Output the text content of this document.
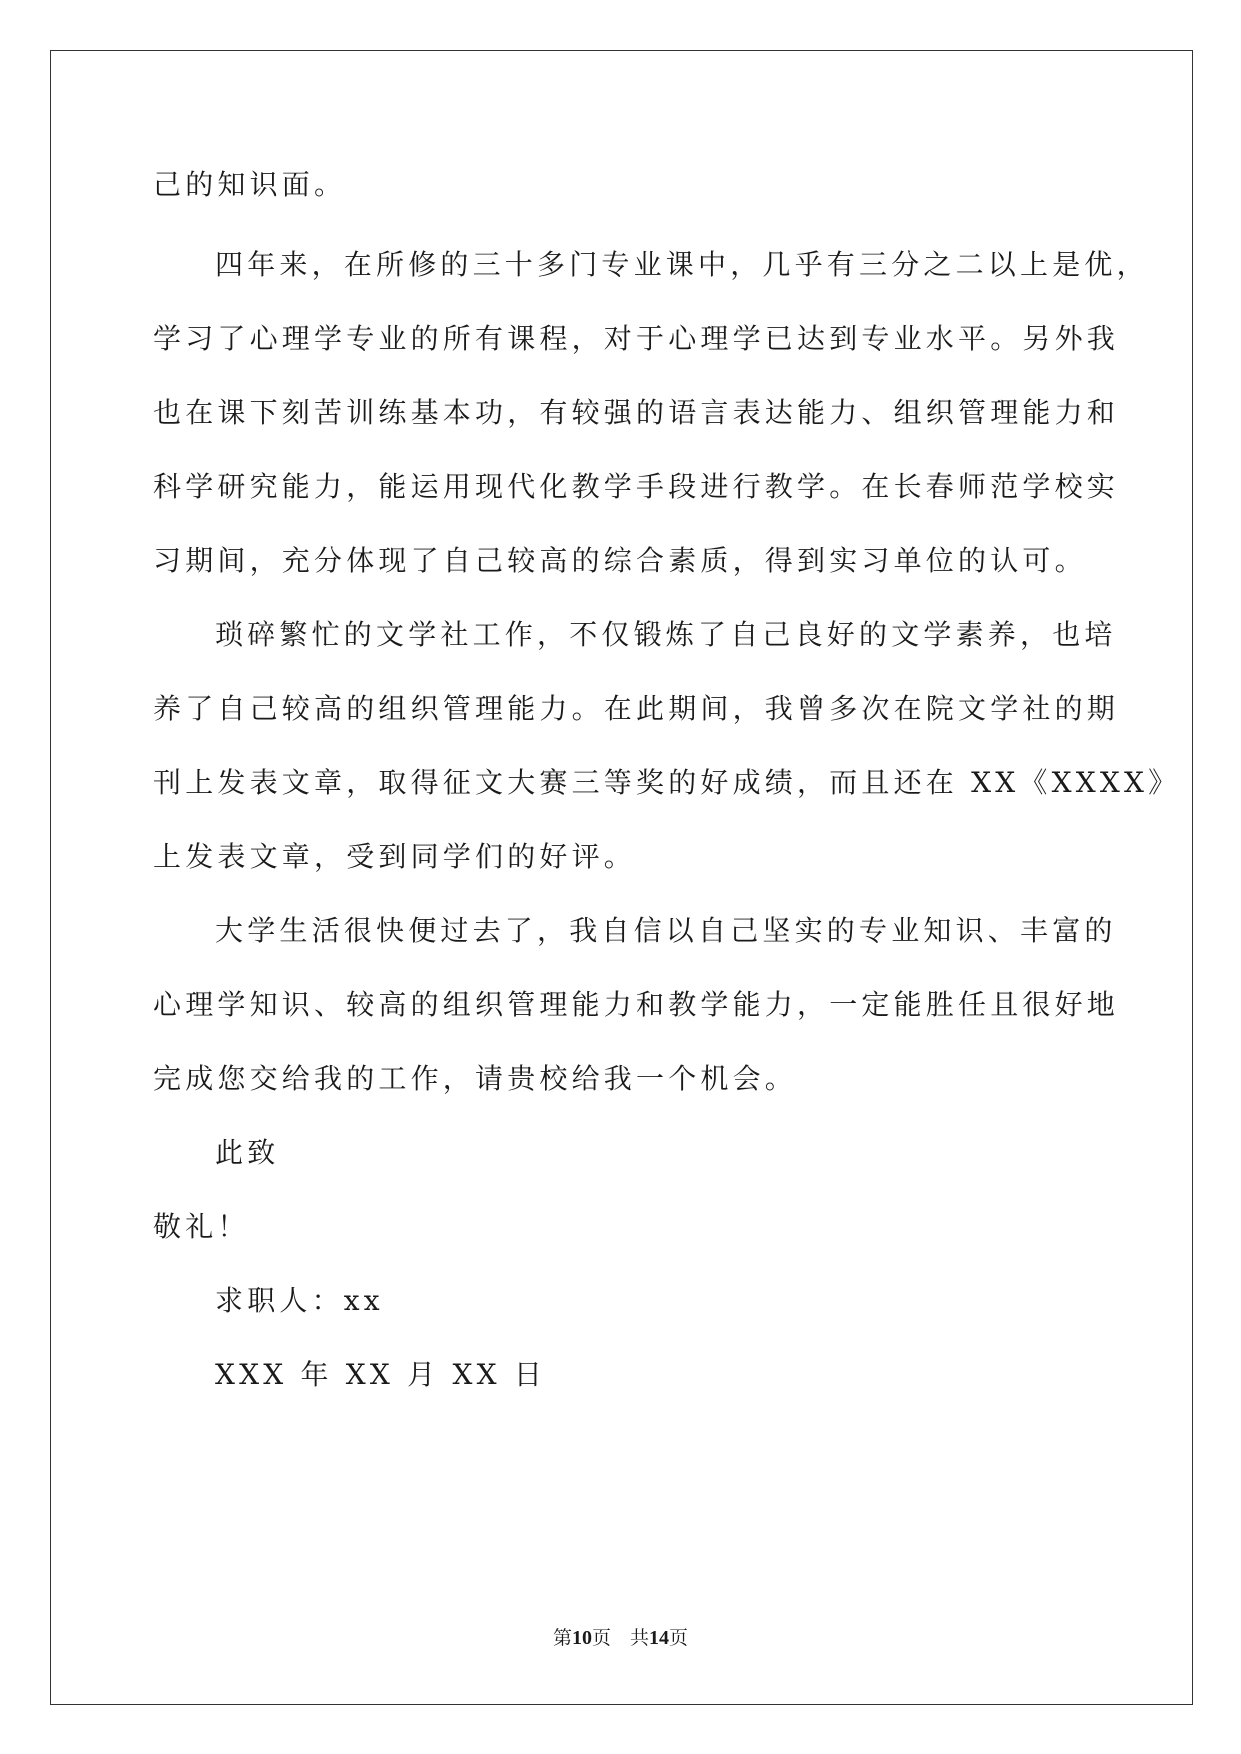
己的知识面。
四年来，在所修的三十多门专业课中，几乎有三分之二以上是优，
学习了心理学专业的所有课程，对于心理学已达到专业水平。另外我
也在课下刻苦训练基本功，有较强的语言表达能力、组织管理能力和
科学研究能力，能运用现代化教学手段进行教学。在长春师范学校实
习期间，充分体现了自己较高的综合素质，得到实习单位的认可。
琐碎繁忙的文学社工作，不仅锻炼了自己良好的文学素养，也培
养了自己较高的组织管理能力。在此期间，我曾多次在院文学社的期
刊上发表文章，取得征文大赛三等奖的好成绩，而且还在 XX《XXXX》
上发表文章，受到同学们的好评。
大学生活很快便过去了，我自信以自己坚实的专业知识、丰富的
心理学知识、较高的组织管理能力和教学能力，一定能胜任且很好地
完成您交给我的工作，请贵校给我一个机会。
此致
敬礼！
求职人：xx
XXX 年 XX 月 XX 日
第10页　共14页
